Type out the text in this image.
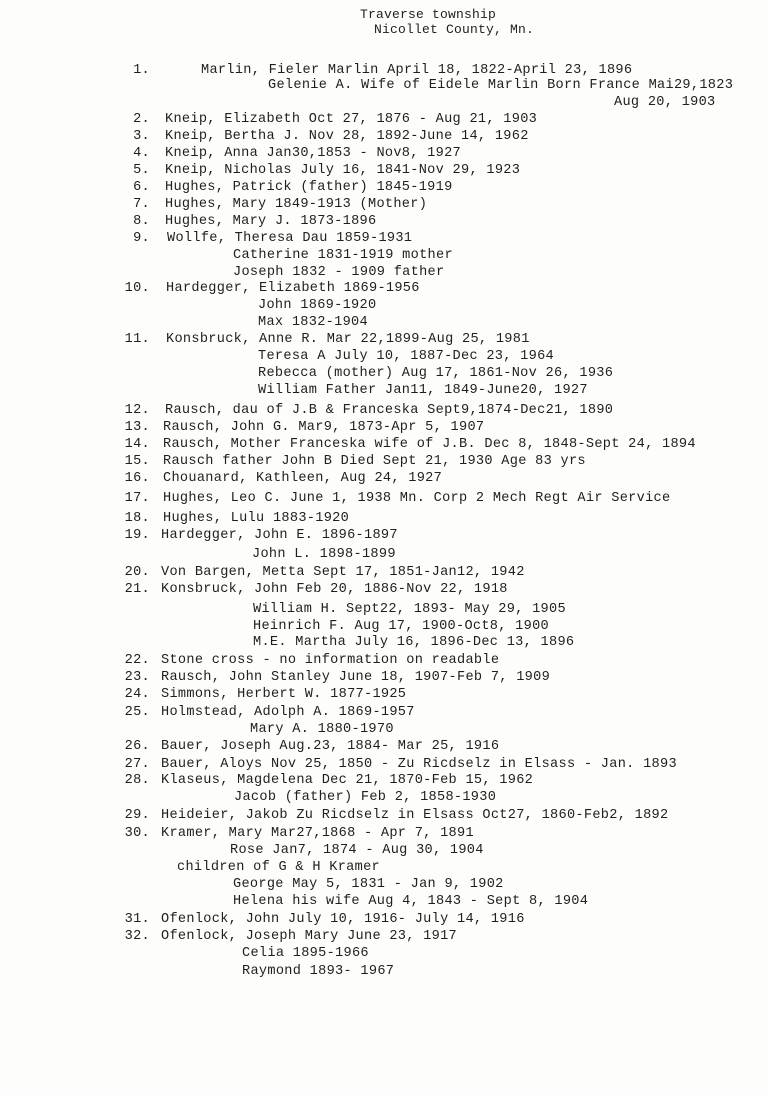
Traverse township
Nicollet County, Mn.
1.	Marlin, Fieler Marlin April 18, 1822-April 23, 1896
Gelenie A. Wife of Eidele Marlin Born France Mai29,1823
Aug 20, 1903
2. Kneip, Elizabeth Oct 27, 1876 - Aug 21, 1903
3. Kneip, Bertha J. Nov 28, 1892-June 14, 1962
4. Kneip, Anna Jan30,1853 - Nov8, 1927
5. Kneip, Nicholas July 16, 1841-Nov 29, 1923
6. Hughes, Patrick (father) 1845-1919
7. Hughes, Mary 1849-1913 (Mother)
8. Hughes, Mary J. 1873-1896
9. Wollfe, Theresa Dau 1859-1931
Catherine 1831-1919 mother
Joseph 1832 - 1909 father
10. Hardegger, Elizabeth 1869-1956
John 1869-1920
Max 1832-1904
11. Konsbruck, Anne R. Mar 22,1899-Aug 25, 1981
Teresa A July 10, 1887-Dec 23, 1964
Rebecca (mother) Aug 17, 1861-Nov 26, 1936
William Father Jan11, 1849-June20, 1927
12. Rausch, dau of J.B & Franceska Sept9,1874-Dec21, 1890
13. Rausch, John G. Mar9, 1873-Apr 5, 1907
14. Rausch, Mother Franceska wife of J.B. Dec 8, 1848-Sept 24, 1894
15. Rausch father John B Died Sept 21, 1930 Age 83 yrs
16. Chouanard, Kathleen, Aug 24, 1927
17. Hughes, Leo C. June 1, 1938 Mn. Corp 2 Mech Regt Air Service
18. Hughes, Lulu 1883-1920
19. Hardegger, John E. 1896-1897
John L. 1898-1899
20. Von Bargen, Metta Sept 17, 1851-Jan12, 1942
21. Konsbruck, John Feb 20, 1886-Nov 22, 1918
William H. Sept22, 1893- May 29, 1905
Heinrich F. Aug 17, 1900-Oct8, 1900
M.E. Martha July 16, 1896-Dec 13, 1896
22. Stone cross - no information on readable
23. Rausch, John Stanley June 18, 1907-Feb 7, 1909
24. Simmons, Herbert W. 1877-1925
25. Holmstead, Adolph A. 1869-1957
Mary A. 1880-1970
26. Bauer, Joseph Aug.23, 1884- Mar 25, 1916
27. Bauer, Aloys Nov 25, 1850 - Zu Ricdselz in Elsass - Jan. 1893
28. Klaseus, Magdelena Dec 21, 1870-Feb 15, 1962
Jacob (father) Feb 2, 1858-1930
29. Heideier, Jakob Zu Ricdselz in Elsass Oct27, 1860-Feb2, 1892
30. Kramer, Mary Mar27,1868 - Apr 7, 1891
Rose Jan7, 1874 - Aug 30, 1904
children of G & H Kramer
George May 5, 1831 - Jan 9, 1902
Helena his wife Aug 4, 1843 - Sept 8, 1904
31. Ofenlock, John July 10, 1916- July 14, 1916
32. Ofenlock, Joseph Mary June 23, 1917
Celia 1895-1966
Raymond 1893- 1967
